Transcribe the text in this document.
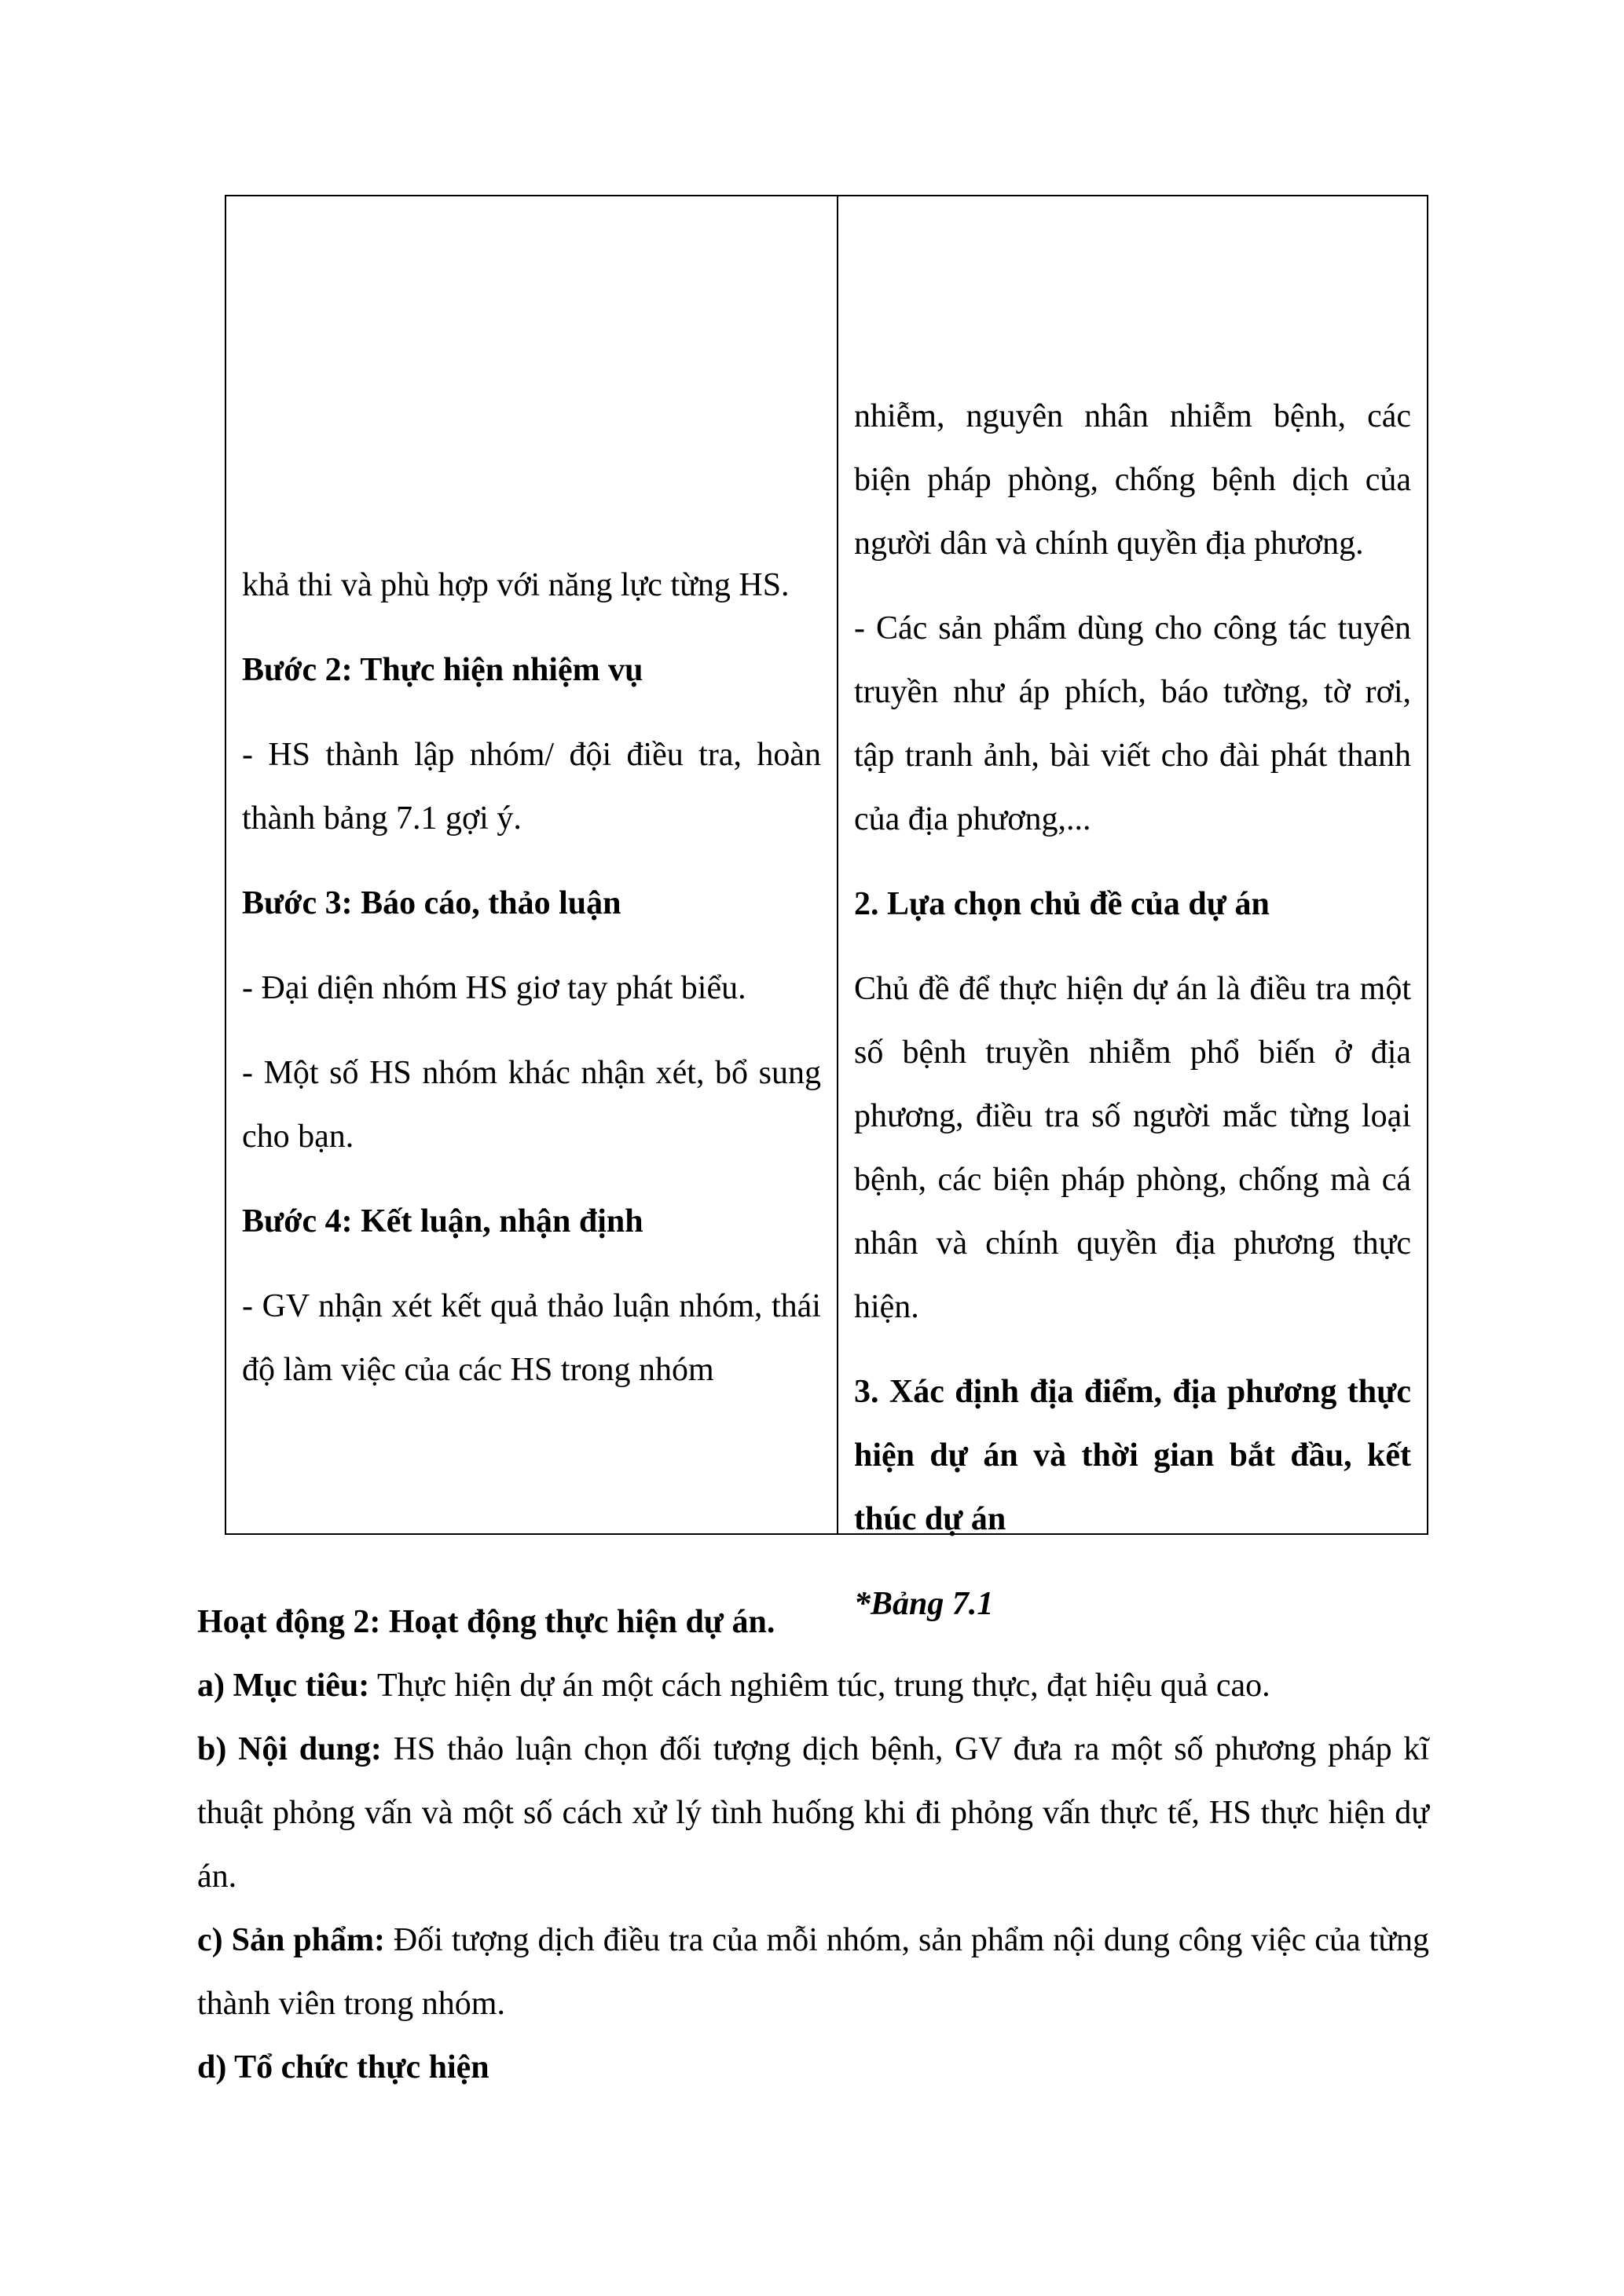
khả thi và phù hợp với năng lực từng HS.

Bước 2: Thực hiện nhiệm vụ

- HS thành lập nhóm/ đội điều tra, hoàn thành bảng 7.1 gợi ý.

Bước 3: Báo cáo, thảo luận

- Đại diện nhóm HS giơ tay phát biểu.

- Một số HS nhóm khác nhận xét, bổ sung cho bạn.

Bước 4: Kết luận, nhận định

- GV nhận xét kết quả thảo luận nhóm, thái độ làm việc của các HS trong nhóm

nhiễm, nguyên nhân nhiễm bệnh, các biện pháp phòng, chống bệnh dịch của người dân và chính quyền địa phương.

- Các sản phẩm dùng cho công tác tuyên truyền như áp phích, báo tường, tờ rơi, tập tranh ảnh, bài viết cho đài phát thanh của địa phương,...

2. Lựa chọn chủ đề của dự án

Chủ đề để thực hiện dự án là điều tra một số bệnh truyền nhiễm phổ biến ở địa phương, điều tra số người mắc từng loại bệnh, các biện pháp phòng, chống mà cá nhân và chính quyền địa phương thực hiện.

3. Xác định địa điểm, địa phương thực hiện dự án và thời gian bắt đầu, kết thúc dự án

*Bảng 7.1

Hoạt động 2: Hoạt động thực hiện dự án.

a) Mục tiêu: Thực hiện dự án một cách nghiêm túc, trung thực, đạt hiệu quả cao.

b) Nội dung: HS thảo luận chọn đối tượng dịch bệnh, GV đưa ra một số phương pháp kĩ thuật phỏng vấn và một số cách xử lý tình huống khi đi phỏng vấn thực tế, HS thực hiện dự án.

c) Sản phẩm: Đối tượng dịch điều tra của mỗi nhóm, sản phẩm nội dung công việc của từng thành viên trong nhóm.

d) Tổ chức thực hiện
